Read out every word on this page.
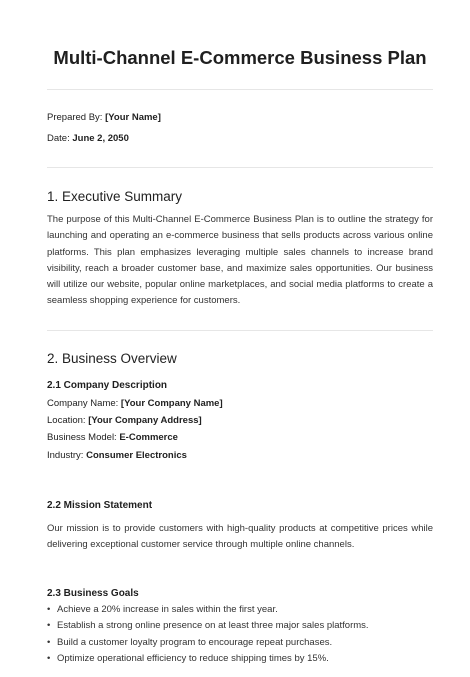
Multi-Channel E-Commerce Business Plan
Prepared By: [Your Name]
Date: June 2, 2050
1. Executive Summary

The purpose of this Multi-Channel E-Commerce Business Plan is to outline the strategy for launching and operating an e-commerce business that sells products across various online platforms. This plan emphasizes leveraging multiple sales channels to increase brand visibility, reach a broader customer base, and maximize sales opportunities. Our business will utilize our website, popular online marketplaces, and social media platforms to create a seamless shopping experience for customers.

2. Business Overview
2.1 Company Description
Company Name: [Your Company Name]
Location: [Your Company Address]
Business Model: E-Commerce
Industry: Consumer Electronics
2.2 Mission Statement

Our mission is to provide customers with high-quality products at competitive prices while delivering exceptional customer service through multiple online channels.

2.3 Business Goals
• Achieve a 20% increase in sales within the first year.
• Establish a strong online presence on at least three major sales platforms.
• Build a customer loyalty program to encourage repeat purchases.
• Optimize operational efficiency to reduce shipping times by 15%.
